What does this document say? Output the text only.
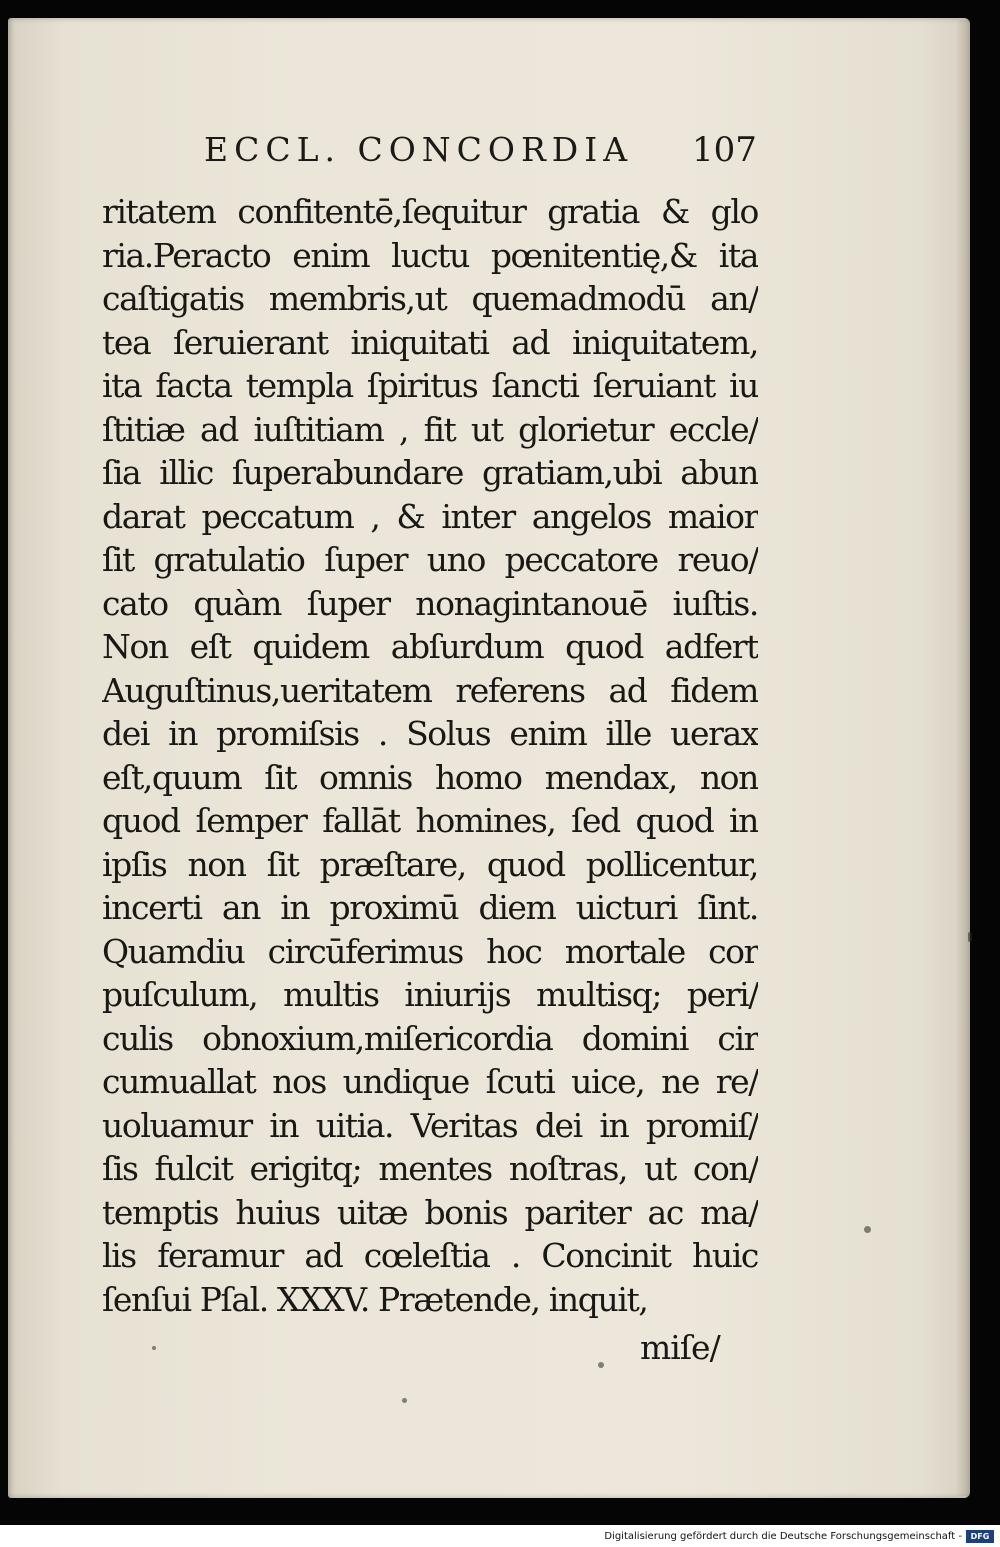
ECCL. CONCORDIA 107
ritatem confitentē,ſequitur gratia & glo
ria.Peracto enim luctu pœnitentię,& ita
caſtigatis membris,ut quemadmodū an/
tea ſeruierant iniquitati ad iniquitatem,
ita facta templa ſpiritus ſancti ſeruiant iu
ſtitiæ ad iuſtitiam , fit ut glorietur eccle/
ſia illic ſuperabundare gratiam,ubi abun
darat peccatum , & inter angelos maior
ſit gratulatio ſuper uno peccatore reuo/
cato quàm ſuper nonagintanouē iuſtis.
Non eſt quidem abſurdum quod adfert
Auguſtinus,ueritatem referens ad fidem
dei in promiſsis . Solus enim ille uerax
eſt,quum ſit omnis homo mendax, non
quod ſemper fallāt homines, ſed quod in
ipſis non ſit præſtare, quod pollicentur,
incerti an in proximū diem uicturi ſint.
Quamdiu circūferimus hoc mortale cor
puſculum, multis iniurijs multisq; peri/
culis obnoxium,miſericordia domini cir
cumuallat nos undique ſcuti uice, ne re/
uoluamur in uitia. Veritas dei in promiſ/
ſis fulcit erigitq; mentes noſtras, ut con/
temptis huius uitæ bonis pariter ac ma/
lis feramur ad cœleſtia . Concinit huic
ſenſui Pſal. XXXV. Prætende, inquit,
miſe/
Digitalisierung gefördert durch die Deutsche Forschungsgemeinschaft -	DFG
